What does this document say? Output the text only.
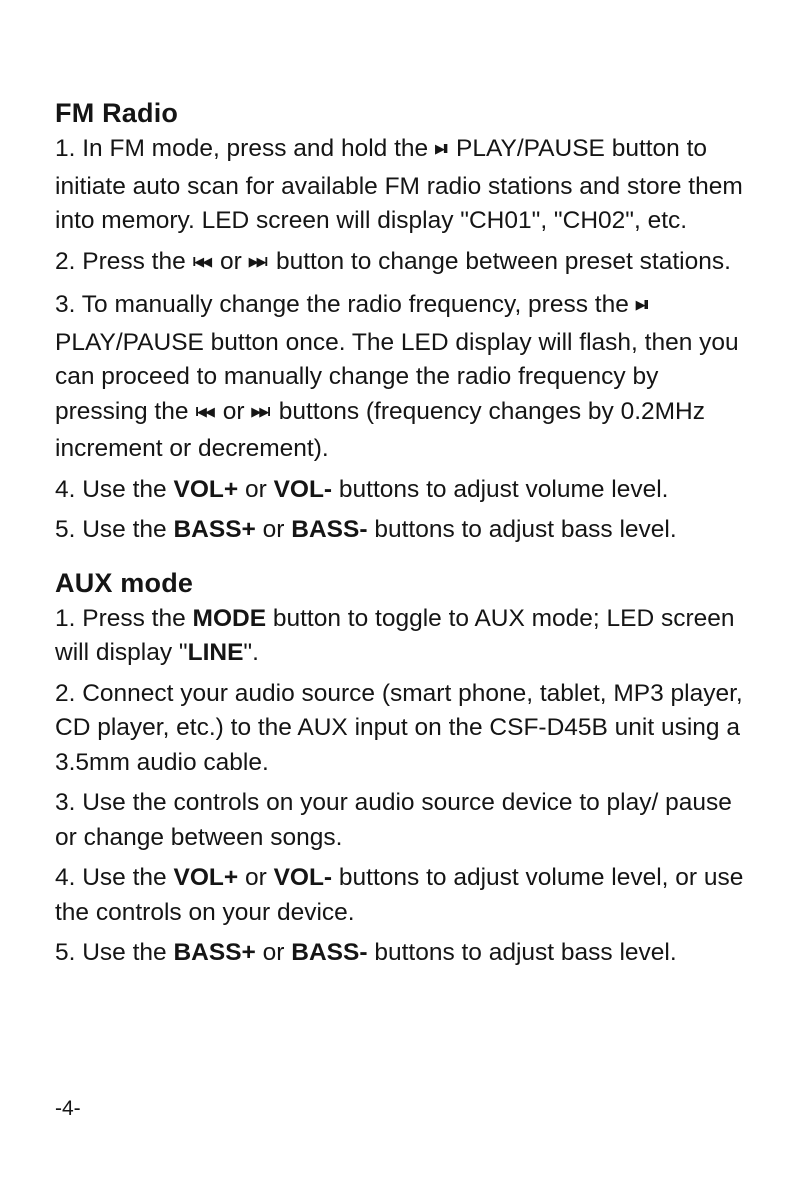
FM Radio

1. In FM mode, press and hold the ▶II PLAY/PAUSE button to initiate auto scan for available FM radio stations and store them into memory. LED screen will display "CH01", "CH02", etc.

2. Press the I◀◀ or ▶▶I button to change between preset stations.

3. To manually change the radio frequency, press the ▶II PLAY/PAUSE button once. The LED display will flash, then you can proceed to manually change the radio frequency by pressing the I◀◀ or ▶▶I buttons (frequency changes by 0.2MHz increment or decrement).

4. Use the VOL+ or VOL- buttons to adjust volume level.

5. Use the BASS+ or BASS- buttons to adjust bass level.

AUX mode

1. Press the MODE button to toggle to AUX mode; LED screen will display "LINE".

2. Connect your audio source (smart phone, tablet, MP3 player, CD player, etc.) to the AUX input on the CSF-D45B unit using a 3.5mm audio cable.

3. Use the controls on your audio source device to play/ pause or change between songs.

4. Use the VOL+ or VOL- buttons to adjust volume level, or use the controls on your device.

5. Use the BASS+ or BASS- buttons to adjust bass level.

-4-
